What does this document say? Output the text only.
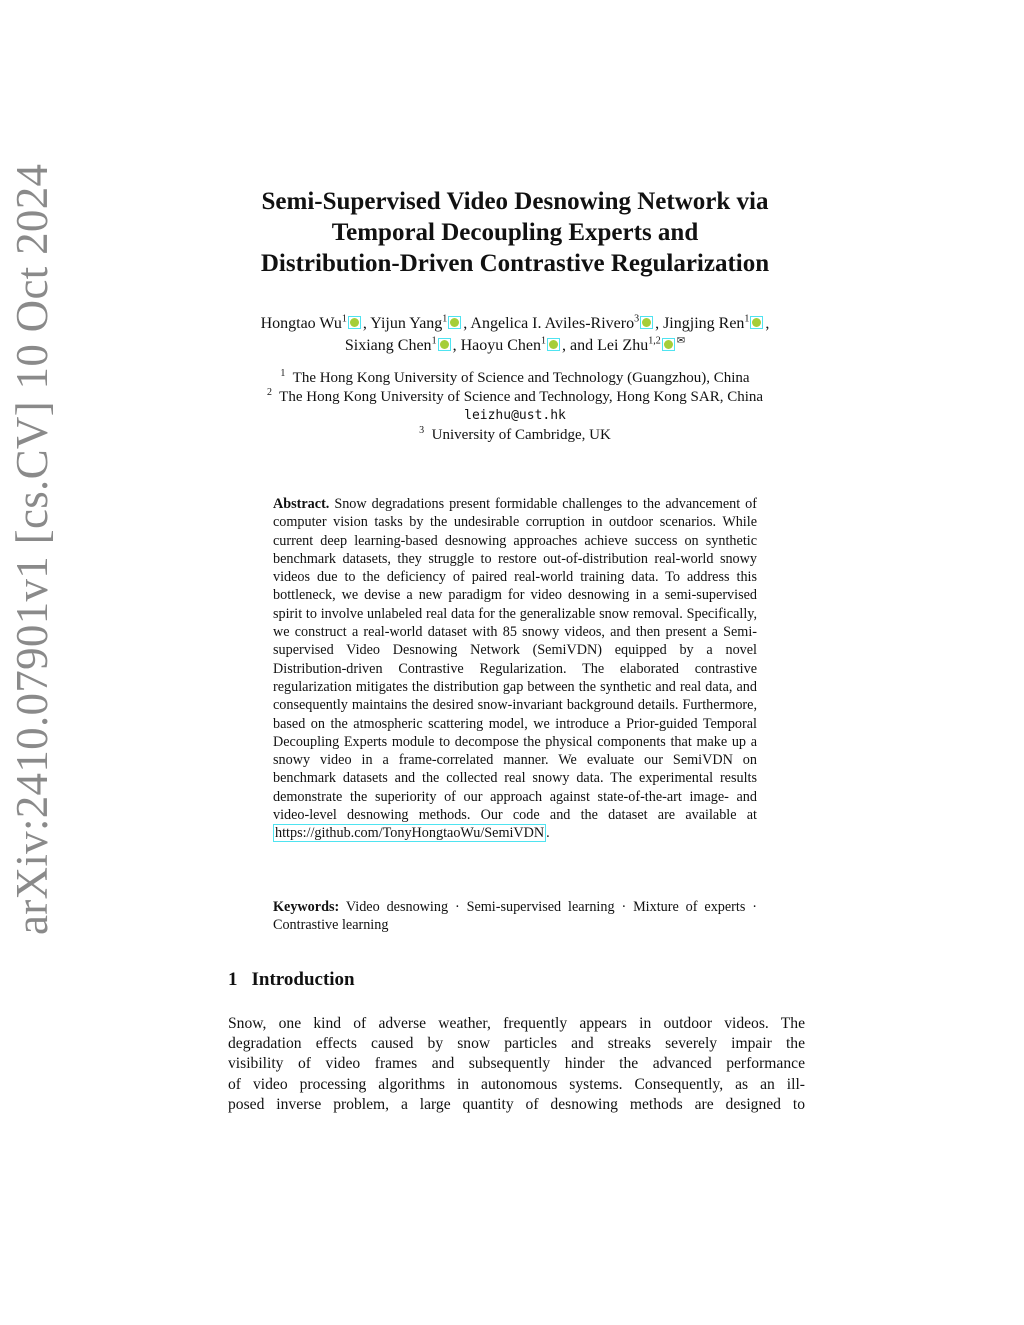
arXiv:2410.07901v1 [cs.CV] 10 Oct 2024	Semi-Supervised Video Desnowing Network via
Temporal Decoupling Experts and
Distribution-Driven Contrastive Regularization
Hongtao Wu$^1$ , Yijun Yang$^1$ , Angelica I. Aviles-Rivero$^3$ , Jingjing Ren$^1$ ,
Sixiang Chen$^1$ , Haoyu Chen$^1$ , and Lei Zhu$^{1,2}$ ✉
$^1$ The Hong Kong University of Science and Technology (Guangzhou), China
$^2$ The Hong Kong University of Science and Technology, Hong Kong SAR, China
leizhu@ust.hk
$^3$ University of Cambridge, UK
Abstract. Snow degradations present formidable challenges to the advancement of computer vision tasks by the undesirable corruption in outdoor scenarios. While current deep learning-based desnowing approaches achieve success on synthetic benchmark datasets, they struggle to restore out-of-distribution real-world snowy videos due to the deficiency of paired real-world training data. To address this bottleneck, we devise a new paradigm for video desnowing in a semi-supervised spirit to involve unlabeled real data for the generalizable snow removal. Specifically, we construct a real-world dataset with 85 snowy videos, and then present a Semi-supervised Video Desnowing Network (SemiVDN) equipped by a novel Distribution-driven Contrastive Regularization. The elaborated contrastive regularization mitigates the distribution gap between the synthetic and real data, and consequently maintains the desired snow-invariant background details. Furthermore, based on the atmospheric scattering model, we introduce a Prior-guided Temporal Decoupling Experts module to decompose the physical components that make up a snowy video in a frame-correlated manner. We evaluate our SemiVDN on benchmark datasets and the collected real snowy data. The experimental results demonstrate the superiority of our approach against state-of-the-art image- and video-level desnowing methods. Our code and the dataset are available at https://github.com/TonyHongtaoWu/SemiVDN .
Keywords: Video desnowing · Semi-supervised learning · Mixture of experts · Contrastive learning
1 Introduction
Snow, one kind of adverse weather, frequently appears in outdoor videos. The
degradation effects caused by snow particles and streaks severely impair the
visibility of video frames and subsequently hinder the advanced performance
of video processing algorithms in autonomous systems. Consequently, as an ill-
posed inverse problem, a large quantity of desnowing methods are designed to
